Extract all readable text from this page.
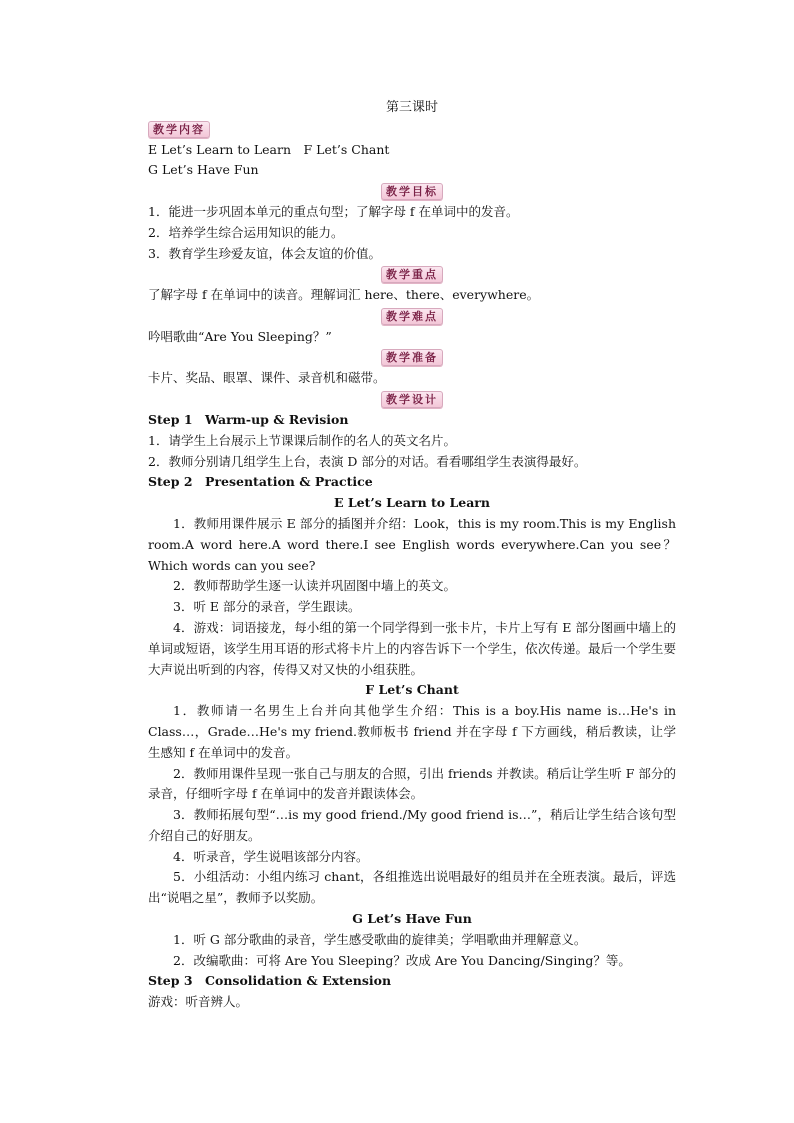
第三课时

教学内容

E Let’s Learn to Learn　F Let’s Chant

G Let’s Have Fun

教学目标

1．能进一步巩固本单元的重点句型；了解字母 f 在单词中的发音。

2．培养学生综合运用知识的能力。

3．教育学生珍爱友谊，体会友谊的价值。

教学重点

了解字母 f 在单词中的读音。理解词汇 here、there、everywhere。

教学难点

吟唱歌曲“Are You Sleeping？”

教学准备

卡片、奖品、眼罩、课件、录音机和磁带。

教学设计

Step 1　Warm-up & Revision

1．请学生上台展示上节课课后制作的名人的英文名片。

2．教师分别请几组学生上台，表演 D 部分的对话。看看哪组学生表演得最好。

Step 2　Presentation & Practice

E Let’s Learn to Learn

1．教师用课件展示 E 部分的插图并介绍：Look，this is my room.This is my English room.A word here.A word there.I see English words everywhere.Can you see？Which words can you see?

2．教师帮助学生逐一认读并巩固图中墙上的英文。

3．听 E 部分的录音，学生跟读。

4．游戏：词语接龙，每小组的第一个同学得到一张卡片，卡片上写有 E 部分图画中墙上的单词或短语，该学生用耳语的形式将卡片上的内容告诉下一个学生，依次传递。最后一个学生要大声说出听到的内容，传得又对又快的小组获胜。

F Let’s Chant

1．教师请一名男生上台并向其他学生介绍：This is a boy.His name is…He's in Class…，Grade…He's my friend.教师板书 friend 并在字母 f 下方画线，稍后教读，让学生感知 f 在单词中的发音。

2．教师用课件呈现一张自己与朋友的合照，引出 friends 并教读。稍后让学生听 F 部分的录音，仔细听字母 f 在单词中的发音并跟读体会。

3．教师拓展句型“…is my good friend./My good friend is…”，稍后让学生结合该句型介绍自己的好朋友。

4．听录音，学生说唱该部分内容。

5．小组活动：小组内练习 chant，各组推选出说唱最好的组员并在全班表演。最后，评选出“说唱之星”，教师予以奖励。

G Let’s Have Fun

1．听 G 部分歌曲的录音，学生感受歌曲的旋律美；学唱歌曲并理解意义。

2．改编歌曲：可将 Are You Sleeping？改成 Are You Dancing/Singing？等。

Step 3　Consolidation & Extension

游戏：听音辨人。
